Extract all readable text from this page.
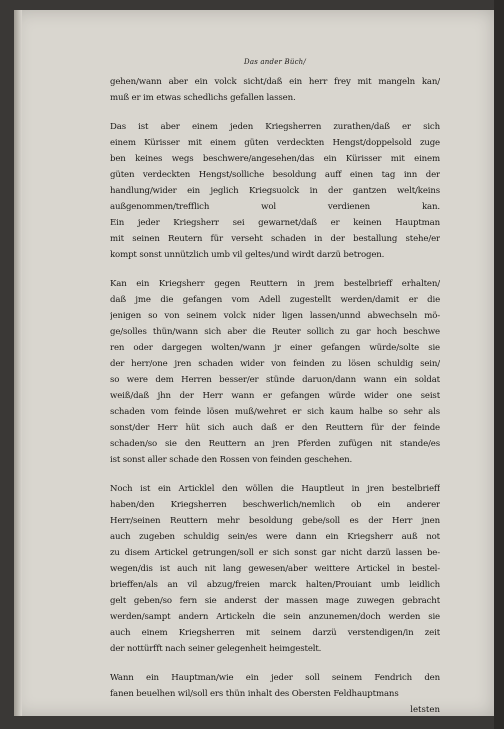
Das ander Büch/
gehen/wann aber ein volck sicht/daß ein herr frey mit mangeln kan/
muß er im etwas schedlichs gefallen lassen.
Das ist aber einem jeden Kriegsherren zurathen/daß er sich
einem Kürisser mit einem güten verdeckten Hengst/doppelsold zuge
ben keines wegs beschwere/angesehen/das ein Kürisser mit einem
güten verdeckten Hengst/solliche besoldung auff einen tag inn der
handlung/wider ein jeglich Kriegsuolck in der gantzen welt/keins
außgenommen/trefflich wol verdienen kan.
Ein jeder Kriegsherr sei gewarnet/daß er keinen Hauptman
mit seinen Reutern für verseht schaden in der bestallung stehe/er
kompt sonst unnützlich umb vil geltes/und wirdt darzü betrogen.
Kan ein Kriegsherr gegen Reuttern in jrem bestelbrieff erhalten/
daß jme die gefangen vom Adell zugestellt werden/damit er die
jenigen so von seinem volck nider ligen lassen/unnd abwechseln mö-
ge/solles thün/wann sich aber die Reuter sollich zu gar hoch beschwe
ren oder dargegen wolten/wann jr einer gefangen würde/solte sie
der herr/one jren schaden wider von feinden zu lösen schuldig sein/
so were dem Herren besser/er stünde daruon/dann wann ein soldat
weiß/daß jhn der Herr wann er gefangen würde wider one seist
schaden vom feinde lösen muß/wehret er sich kaum halbe so sehr als
sonst/der Herr hüt sich auch daß er den Reuttern für der feinde
schaden/so sie den Reuttern an jren Pferden zufügen nit stande/es
ist sonst aller schade den Rossen von feinden geschehen.
Noch ist ein Articklel den wöllen die Hauptleut in jren bestelbrieff
haben/den Kriegsherren beschwerlich/nemlich ob ein anderer
Herr/seinen Reuttern mehr besoldung gebe/soll es der Herr jnen
auch zugeben schuldig sein/es were dann ein Kriegsherr auß not
zu disem Artickel getrungen/soll er sich sonst gar nicht darzü lassen be-
wegen/dis ist auch nit lang gewesen/aber weittere Artickel in bestel-
brieffen/als an vil abzug/freien marck halten/Prouiant umb leidlich
gelt geben/so fern sie anderst der massen mage zuwegen gebracht
werden/sampt andern Artickeln die sein anzunemen/doch werden sie
auch einem Kriegsherren mit seinem darzü verstendigen/in zeit
der nottürfft nach seiner gelegenheit heimgestelt.
Wann ein Hauptman/wie ein jeder soll seinem Fendrich den
fanen beuelhen wil/soll ers thün inhalt des Obersten Feldhauptmans
letsten
